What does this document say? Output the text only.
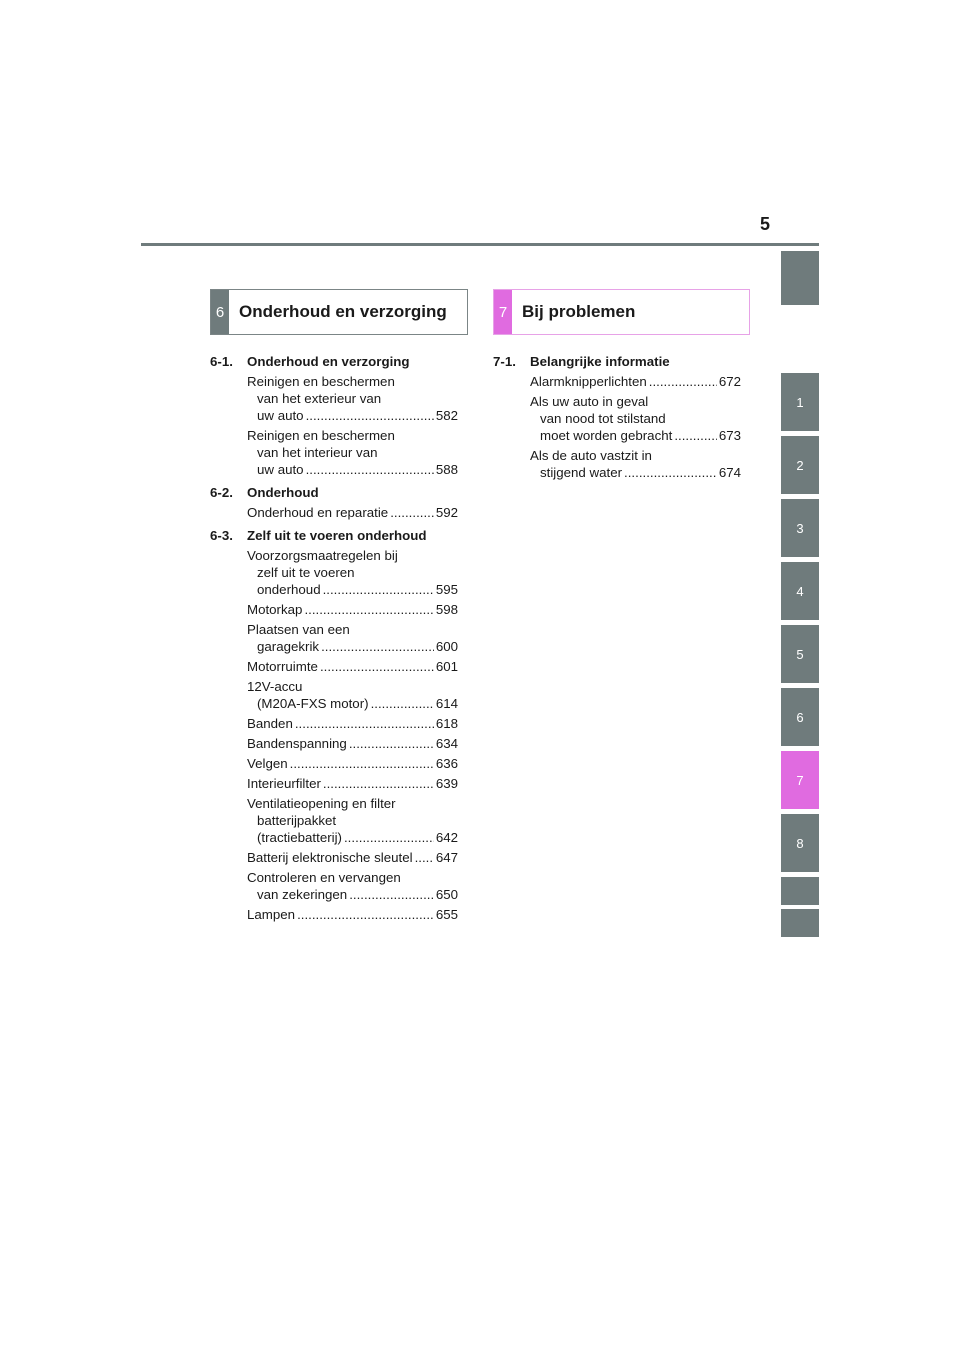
5
6 Onderhoud en verzorging	7 Bij problemen
6-1.	Onderhoud en verzorging
Reinigen en beschermen
van het exterieur van
uw auto .....	582
Reinigen en beschermen
van het interieur van
uw auto .....	588
6-2.	Onderhoud
Onderhoud en reparatie .....	592
6-3.	Zelf uit te voeren onderhoud
Voorzorgsmaatregelen bij
zelf uit te voeren
onderhoud .....	595
Motorkap .....	598
Plaatsen van een
garagekrik .....	600
Motorruimte .....	601
12V-accu
(M20A-FXS motor) .....	614
Banden .....	618
Bandenspanning .....	634
Velgen .....	636
Interieurfilter .....	639
Ventilatieopening en filter
batterijpakket
(tractiebatterij) .....	642
Batterij elektronische sleutel ..... 647
Controleren en vervangen
van zekeringen .....	650
Lampen .....	655
7-1.	Belangrijke informatie
Alarmknipperlichten .....	672
Als uw auto in geval
van nood tot stilstand
moet worden gebracht .....	673
Als de auto vastzit in
stijgend water .....	674
1
2
3
4
5
6
7
8
